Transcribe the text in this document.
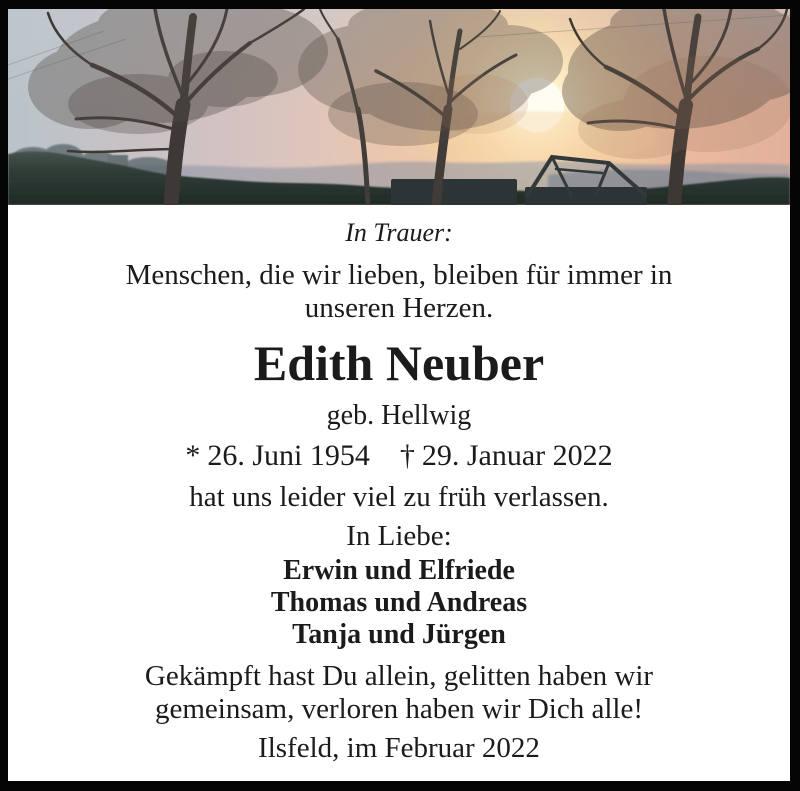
In Trauer:
Menschen, die wir lieben, bleiben für immer in
unseren Herzen.
Edith Neuber
geb. Hellwig
* 26. Juni 1954 † 29. Januar 2022
hat uns leider viel zu früh verlassen.
In Liebe:
Erwin und Elfriede
Thomas und Andreas
Tanja und Jürgen
Gekämpft hast Du allein, gelitten haben wir
gemeinsam, verloren haben wir Dich alle!
Ilsfeld, im Februar 2022
